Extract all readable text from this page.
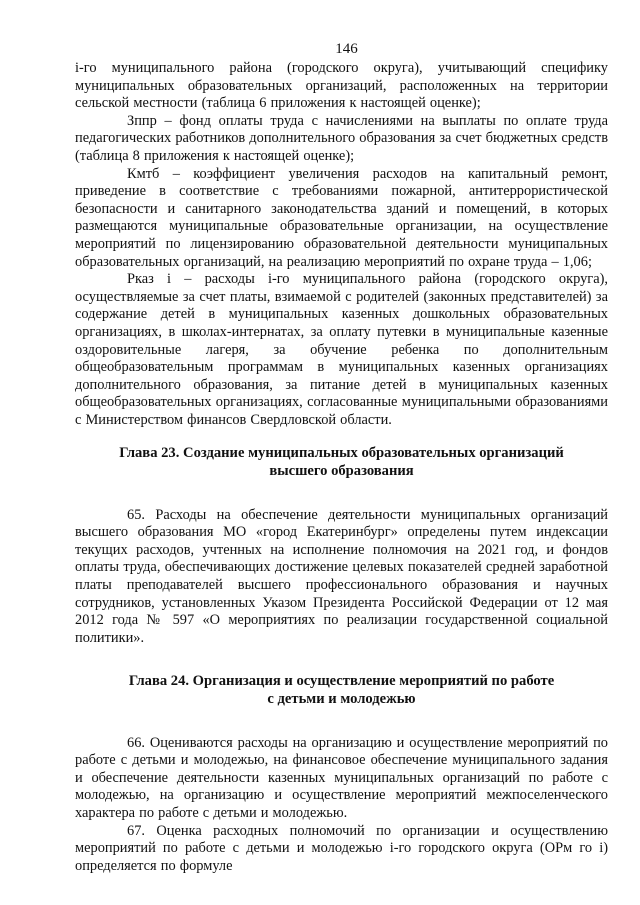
146

i-го муниципального района (городского округа), учитывающий специфику муниципальных образовательных организаций, расположенных на территории сельской местности (таблица 6 приложения к настоящей оценке);

Зппр – фонд оплаты труда с начислениями на выплаты по оплате труда педагогических работников дополнительного образования за счет бюджетных средств (таблица 8 приложения к настоящей оценке);

Кмтб – коэффициент увеличения расходов на капитальный ремонт, приведение в соответствие с требованиями пожарной, антитеррористической безопасности и санитарного законодательства зданий и помещений, в которых размещаются муниципальные образовательные организации, на осуществление мероприятий по лицензированию образовательной деятельности муниципальных образовательных организаций, на реализацию мероприятий по охране труда – 1,06;

Рказ i – расходы i-го муниципального района (городского округа), осуществляемые за счет платы, взимаемой с родителей (законных представителей) за содержание детей в муниципальных казенных дошкольных образовательных организациях, в школах-интернатах, за оплату путевки в муниципальные казенные оздоровительные лагеря, за обучение ребенка по дополнительным общеобразовательным программам в муниципальных казенных организациях дополнительного образования, за питание детей в муниципальных казенных общеобразовательных организациях, согласованные муниципальными образованиями с Министерством финансов Свердловской области.

Глава 23. Создание муниципальных образовательных организаций
высшего образования

65. Расходы на обеспечение деятельности муниципальных организаций высшего образования МО «город Екатеринбург» определены путем индексации текущих расходов, учтенных на исполнение полномочия на 2021 год, и фондов оплаты труда, обеспечивающих достижение целевых показателей средней заработной платы преподавателей высшего профессионального образования и научных сотрудников, установленных Указом Президента Российской Федерации от 12 мая 2012 года № 597 «О мероприятиях по реализации государственной социальной политики».

Глава 24. Организация и осуществление мероприятий по работе
с детьми и молодежью

66. Оцениваются расходы на организацию и осуществление мероприятий по работе с детьми и молодежью, на финансовое обеспечение муниципального задания и обеспечение деятельности казенных муниципальных организаций по работе с молодежью, на организацию и осуществление мероприятий межпоселенческого характера по работе с детьми и молодежью.

67. Оценка расходных полномочий по организации и осуществлению мероприятий по работе с детьми и молодежью i-го городского округа (ОРм го i) определяется по формуле
